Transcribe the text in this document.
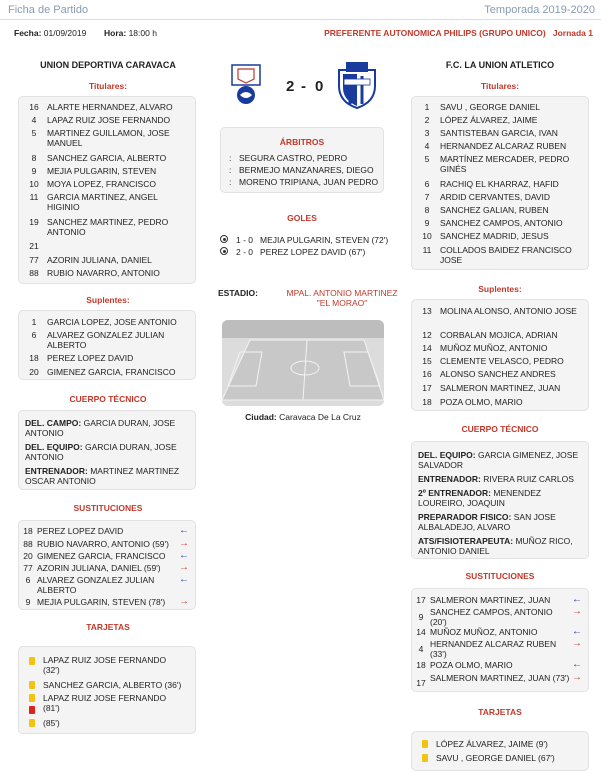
Ficha de Partido	Temporada 2019-2020
Fecha: 01/09/2019 Hora: 18:00 h	PREFERENTE AUTONOMICA PHILIPS (GRUPO UNICO) Jornada 1
UNION DEPORTIVA CARAVACA
Titulares:
16 ALARTE HERNANDEZ, ALVARO
4	LAPAZ RUIZ JOSE FERNANDO
5	MARTINEZ GUILLAMON, JOSE MANUEL
8	SANCHEZ GARCIA, ALBERTO
9	MEJIA PULGARIN, STEVEN
10 MOYA LOPEZ, FRANCISCO
11	GARCIA MARTINEZ, ANGEL HIGINIO
19 SANCHEZ MARTINEZ, PEDRO ANTONIO
21
77 AZORIN JULIANA, DANIEL
88 RUBIO NAVARRO, ANTONIO
Suplentes:
1	GARCIA LOPEZ, JOSE ANTONIO
6	ALVAREZ GONZALEZ JULIAN ALBERTO
18 PEREZ LOPEZ DAVID
20 GIMENEZ GARCIA, FRANCISCO
CUERPO TÉCNICO
DEL. CAMPO: GARCIA DURAN, JOSE ANTONIO
DEL. EQUIPO: GARCIA DURAN, JOSE ANTONIO
ENTRENADOR: MARTINEZ MARTINEZ OSCAR ANTONIO
SUSTITUCIONES
18 PEREZ LOPEZ DAVID	←
88 RUBIO NAVARRO, ANTONIO (59')	→
20 GIMENEZ GARCIA, FRANCISCO	←
77 AZORIN JULIANA, DANIEL (59')	→
6 ALVAREZ GONZALEZ JULIAN ALBERTO
←
9 MEJIA PULGARIN, STEVEN (78')	→
TARJETAS
LAPAZ RUIZ JOSE FERNANDO (32')
SANCHEZ GARCIA, ALBERTO (36')
LAPAZ RUIZ JOSE FERNANDO (81')
(85')
2 - 0
ÁRBITROS
: SEGURA CASTRO, PEDRO
: BERMEJO MANZANARES, DIEGO
: MORENO TRIPIANA, JUAN PEDRO
GOLES
1 - 0 MEJIA PULGARIN, STEVEN (72')
2 - 0 PEREZ LOPEZ DAVID (67')
ESTADIO:	MPAL. ANTONIO MARTINEZ "EL MORAO"
Ciudad: Caravaca De La Cruz
F.C. LA UNION ATLETICO
Titulares:
1	SAVU , GEORGE DANIEL
2	LÓPEZ ÁLVAREZ, JAIME
3	SANTISTEBAN GARCIA, IVAN
4	HERNANDEZ ALCARAZ RUBEN
5	MARTÍNEZ MERCADER, PEDRO GINÉS
6	RACHIQ EL KHARRAZ, HAFID
7	ARDID CERVANTES, DAVID
8	SANCHEZ GALIAN, RUBEN
9	SANCHEZ CAMPOS, ANTONIO
10 SANCHEZ MADRID, JESUS
11	COLLADOS BAIDEZ FRANCISCO JOSE
Suplentes:
13 MOLINA ALONSO, ANTONIO JOSE
12 CORBALAN MOJICA, ADRIAN
14 MUÑOZ MUÑOZ, ANTONIO
15 CLEMENTE VELASCO, PEDRO
16 ALONSO SANCHEZ ANDRES
17 SALMERON MARTINEZ, JUAN
18 POZA OLMO, MARIO
CUERPO TÉCNICO
DEL. EQUIPO: GARCIA GIMENEZ, JOSE SALVADOR
ENTRENADOR: RIVERA RUIZ CARLOS
2º ENTRENADOR: MENENDEZ LOUREIRO, JOAQUIN
PREPARADOR FISICO: SAN JOSE ALBALADEJO, ALVARO
ATS/FISIOTERAPEUTA: MUÑOZ RICO, ANTONIO DANIEL
SUSTITUCIONES
17 SALMERON MARTINEZ, JUAN	←
9 SANCHEZ CAMPOS, ANTONIO (20')
→
14 MUÑOZ MUÑOZ, ANTONIO	←
4 HERNANDEZ ALCARAZ RUBEN (33')
→
18 POZA OLMO, MARIO	←
17 SALMERON MARTINEZ, JUAN (73') →
TARJETAS
LÓPEZ ÁLVAREZ, JAIME (9')
SAVU , GEORGE DANIEL (67')
